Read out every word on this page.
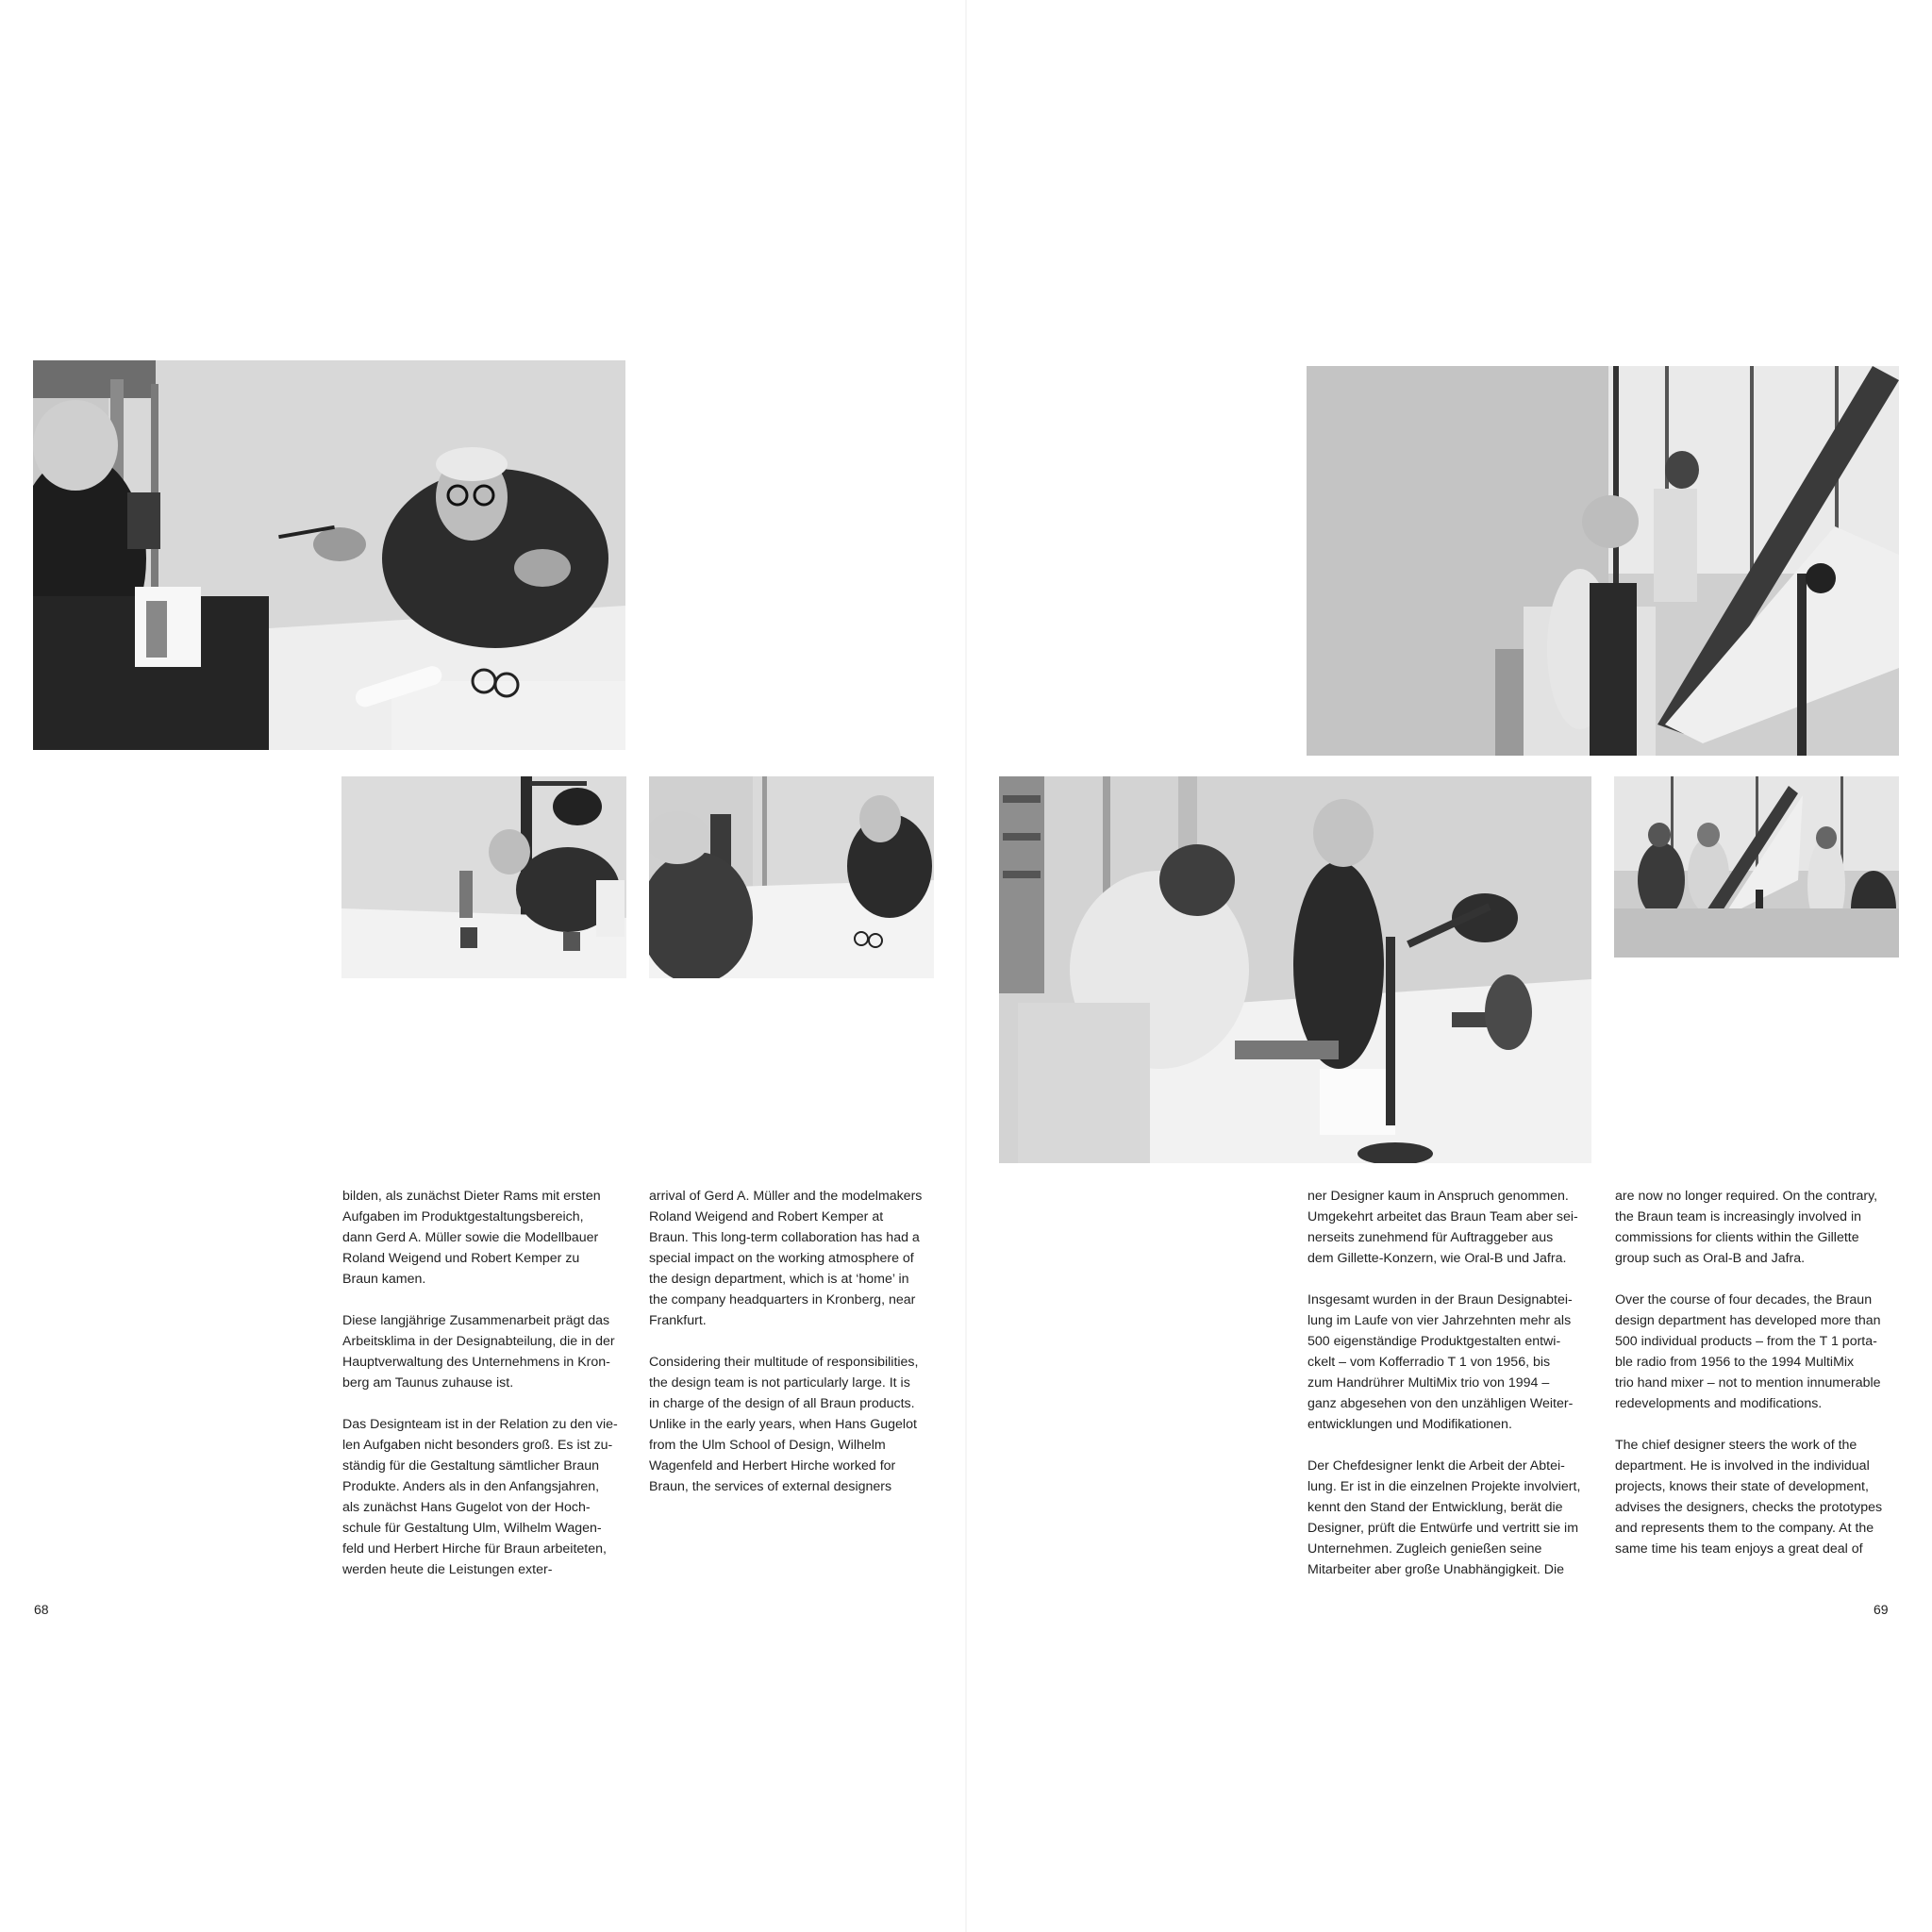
bilden, als zunächst Dieter Rams mit ersten
Aufgaben im Produktgestaltungsbereich,
dann Gerd A. Müller sowie die Modellbauer
Roland Weigend und Robert Kemper zu
Braun kamen.

Diese langjährige Zusammenarbeit prägt das
Arbeitsklima in der Designabteilung, die in der
Hauptverwaltung des Unternehmens in Kron-
berg am Taunus zuhause ist.

Das Designteam ist in der Relation zu den vie-
len Aufgaben nicht besonders groß. Es ist zu-
ständig für die Gestaltung sämtlicher Braun
Produkte. Anders als in den Anfangsjahren,
als zunächst Hans Gugelot von der Hoch-
schule für Gestaltung Ulm, Wilhelm Wagen-
feld und Herbert Hirche für Braun arbeiteten,
werden heute die Leistungen exter-

arrival of Gerd A. Müller and the modelmakers
Roland Weigend and Robert Kemper at
Braun. This long-term collaboration has had a
special impact on the working atmosphere of
the design department, which is at ‘home’ in
the company headquarters in Kronberg, near
Frankfurt.

Considering their multitude of responsibilities,
the design team is not particularly large. It is
in charge of the design of all Braun products.
Unlike in the early years, when Hans Gugelot
from the Ulm School of Design, Wilhelm
Wagenfeld and Herbert Hirche worked for
Braun, the services of external designers

ner Designer kaum in Anspruch genommen.
Umgekehrt arbeitet das Braun Team aber sei-
nerseits zunehmend für Auftraggeber aus
dem Gillette-Konzern, wie Oral-B und Jafra.

Insgesamt wurden in der Braun Designabtei-
lung im Laufe von vier Jahrzehnten mehr als
500 eigenständige Produktgestalten entwi-
ckelt – vom Kofferradio T 1 von 1956, bis
zum Handrührer MultiMix trio von 1994 –
ganz abgesehen von den unzähligen Weiter-
entwicklungen und Modifikationen.

Der Chefdesigner lenkt die Arbeit der Abtei-
lung. Er ist in die einzelnen Projekte involviert,
kennt den Stand der Entwicklung, berät die
Designer, prüft die Entwürfe und vertritt sie im
Unternehmen. Zugleich genießen seine
Mitarbeiter aber große Unabhängigkeit. Die

are now no longer required. On the contrary,
the Braun team is increasingly involved in
commissions for clients within the Gillette
group such as Oral-B and Jafra.

Over the course of four decades, the Braun
design department has developed more than
500 individual products – from the T 1 porta-
ble radio from 1956 to the 1994 MultiMix
trio hand mixer – not to mention innumerable
redevelopments and modifications.

The chief designer steers the work of the
department. He is involved in the individual
projects, knows their state of development,
advises the designers, checks the prototypes
and represents them to the company. At the
same time his team enjoys a great deal of

68	69
